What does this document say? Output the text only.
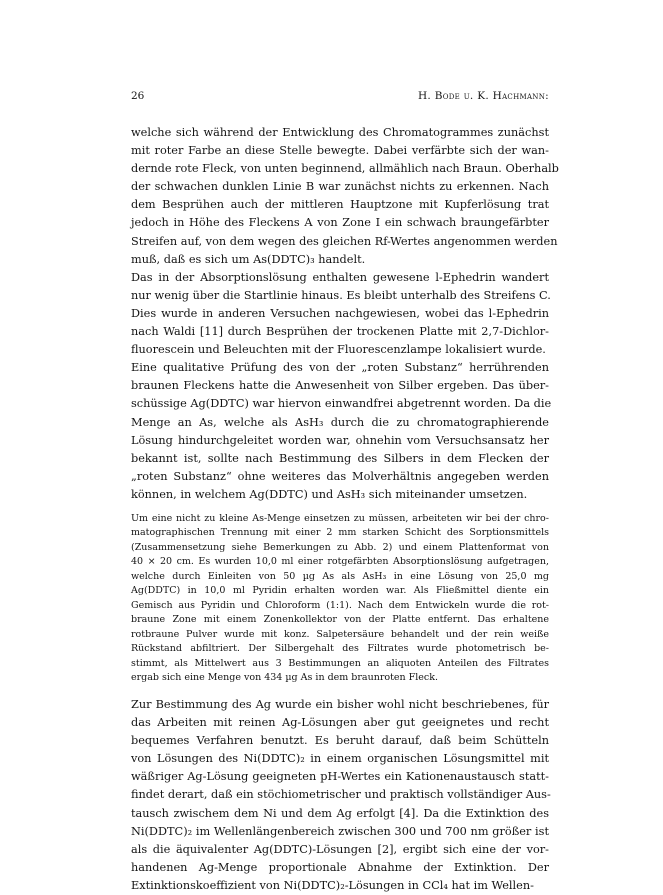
26	H. Bode u. K. Hachmann:
welche sich während der Entwicklung des Chromatogrammes zunächst
mit roter Farbe an diese Stelle bewegte. Dabei verfärbte sich der wan-
dernde rote Fleck, von unten beginnend, allmählich nach Braun. Oberhalb
der schwachen dunklen Linie B war zunächst nichts zu erkennen. Nach
dem Besprühen auch der mittleren Hauptzone mit Kupferlösung trat
jedoch in Höhe des Fleckens A von Zone I ein schwach braungefärbter
Streifen auf, von dem wegen des gleichen Rf-Wertes angenommen werden
muß, daß es sich um As(DDTC)₃ handelt.
Das in der Absorptionslösung enthalten gewesene l-Ephedrin wandert
nur wenig über die Startlinie hinaus. Es bleibt unterhalb des Streifens C.
Dies wurde in anderen Versuchen nachgewiesen, wobei das l-Ephedrin
nach Waldi [11] durch Besprühen der trockenen Platte mit 2,7-Dichlor-
fluorescein und Beleuchten mit der Fluorescenzlampe lokalisiert wurde.
Eine qualitative Prüfung des von der „roten Substanz“ herrührenden
braunen Fleckens hatte die Anwesenheit von Silber ergeben. Das über-
schüssige Ag(DDTC) war hiervon einwandfrei abgetrennt worden. Da die
Menge an As, welche als AsH₃ durch die zu chromatographierende
Lösung hindurchgeleitet worden war, ohnehin vom Versuchsansatz her
bekannt ist, sollte nach Bestimmung des Silbers in dem Flecken der
„roten Substanz“ ohne weiteres das Molverhältnis angegeben werden
können, in welchem Ag(DDTC) und AsH₃ sich miteinander umsetzen.
Um eine nicht zu kleine As-Menge einsetzen zu müssen, arbeiteten wir bei der chro-
matographischen Trennung mit einer 2 mm starken Schicht des Sorptionsmittels
(Zusammensetzung siehe Bemerkungen zu Abb. 2) und einem Plattenformat von
40 × 20 cm. Es wurden 10,0 ml einer rotgefärbten Absorptionslösung aufgetragen,
welche durch Einleiten von 50 µg As als AsH₃ in eine Lösung von 25,0 mg
Ag(DDTC) in 10,0 ml Pyridin erhalten worden war. Als Fließmittel diente ein
Gemisch aus Pyridin und Chloroform (1:1). Nach dem Entwickeln wurde die rot-
braune Zone mit einem Zonenkollektor von der Platte entfernt. Das erhaltene
rotbraune Pulver wurde mit konz. Salpetersäure behandelt und der rein weiße
Rückstand abfiltriert. Der Silbergehalt des Filtrates wurde photometrisch be-
stimmt, als Mittelwert aus 3 Bestimmungen an aliquoten Anteilen des Filtrates
ergab sich eine Menge von 434 µg As in dem braunroten Fleck.
Zur Bestimmung des Ag wurde ein bisher wohl nicht beschriebenes, für
das Arbeiten mit reinen Ag-Lösungen aber gut geeignetes und recht
bequemes Verfahren benutzt. Es beruht darauf, daß beim Schütteln
von Lösungen des Ni(DDTC)₂ in einem organischen Lösungsmittel mit
wäßriger Ag-Lösung geeigneten pH-Wertes ein Kationenaustausch statt-
findet derart, daß ein stöchiometrischer und praktisch vollständiger Aus-
tausch zwischem dem Ni und dem Ag erfolgt [4]. Da die Extinktion des
Ni(DDTC)₂ im Wellenlängenbereich zwischen 300 und 700 nm größer ist
als die äquivalenter Ag(DDTC)-Lösungen [2], ergibt sich eine der vor-
handenen Ag-Menge proportionale Abnahme der Extinktion. Der
Extinktionskoeffizient von Ni(DDTC)₂-Lösungen in CCl₄ hat im Wellen-
